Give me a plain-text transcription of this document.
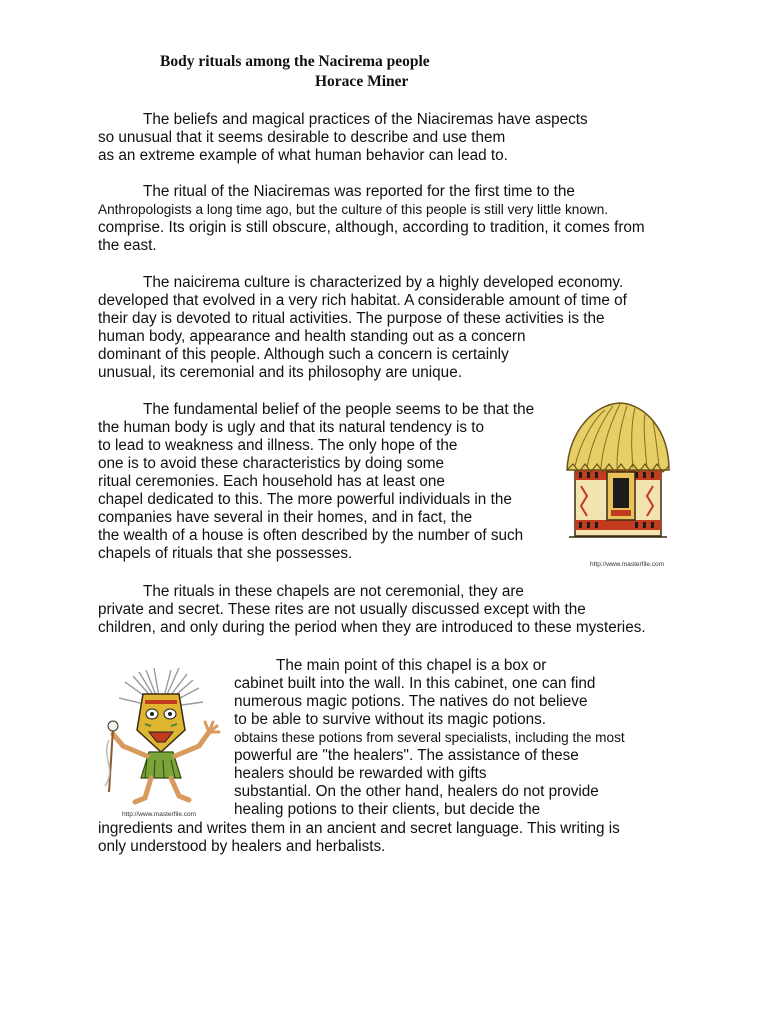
Body rituals among the Nacirema people
Horace Miner

The beliefs and magical practices of the Niaciremas have aspects

so unusual that it seems desirable to describe and use them

as an extreme example of what human behavior can lead to.

The ritual of the Niaciremas was reported for the first time to the

Anthropologists a long time ago, but the culture of this people is still very little known.

comprise. Its origin is still obscure, although, according to tradition, it comes from

the east.

The naicirema culture is characterized by a highly developed economy.

developed that evolved in a very rich habitat. A considerable amount of time of

their day is devoted to ritual activities. The purpose of these activities is the

human body, appearance and health standing out as a concern

dominant of this people. Although such a concern is certainly

unusual, its ceremonial and its philosophy are unique.

The fundamental belief of the people seems to be that the

the human body is ugly and that its natural tendency is to

to lead to weakness and illness. The only hope of the

one is to avoid these characteristics by doing some

ritual ceremonies. Each household has at least one

chapel dedicated to this. The more powerful individuals in the

companies have several in their homes, and in fact, the

the wealth of a house is often described by the number of such

chapels of rituals that she possesses.

http://www.masterfile.com

The rituals in these chapels are not ceremonial, they are

private and secret. These rites are not usually discussed except with the

children, and only during the period when they are introduced to these mysteries.

http://www.masterfile.com

The main point of this chapel is a box or

cabinet built into the wall. In this cabinet, one can find

numerous magic potions. The natives do not believe

to be able to survive without its magic potions.

obtains these potions from several specialists, including the most

powerful are "the healers". The assistance of these

healers should be rewarded with gifts

substantial. On the other hand, healers do not provide

healing potions to their clients, but decide the

ingredients and writes them in an ancient and secret language. This writing is

only understood by healers and herbalists.
